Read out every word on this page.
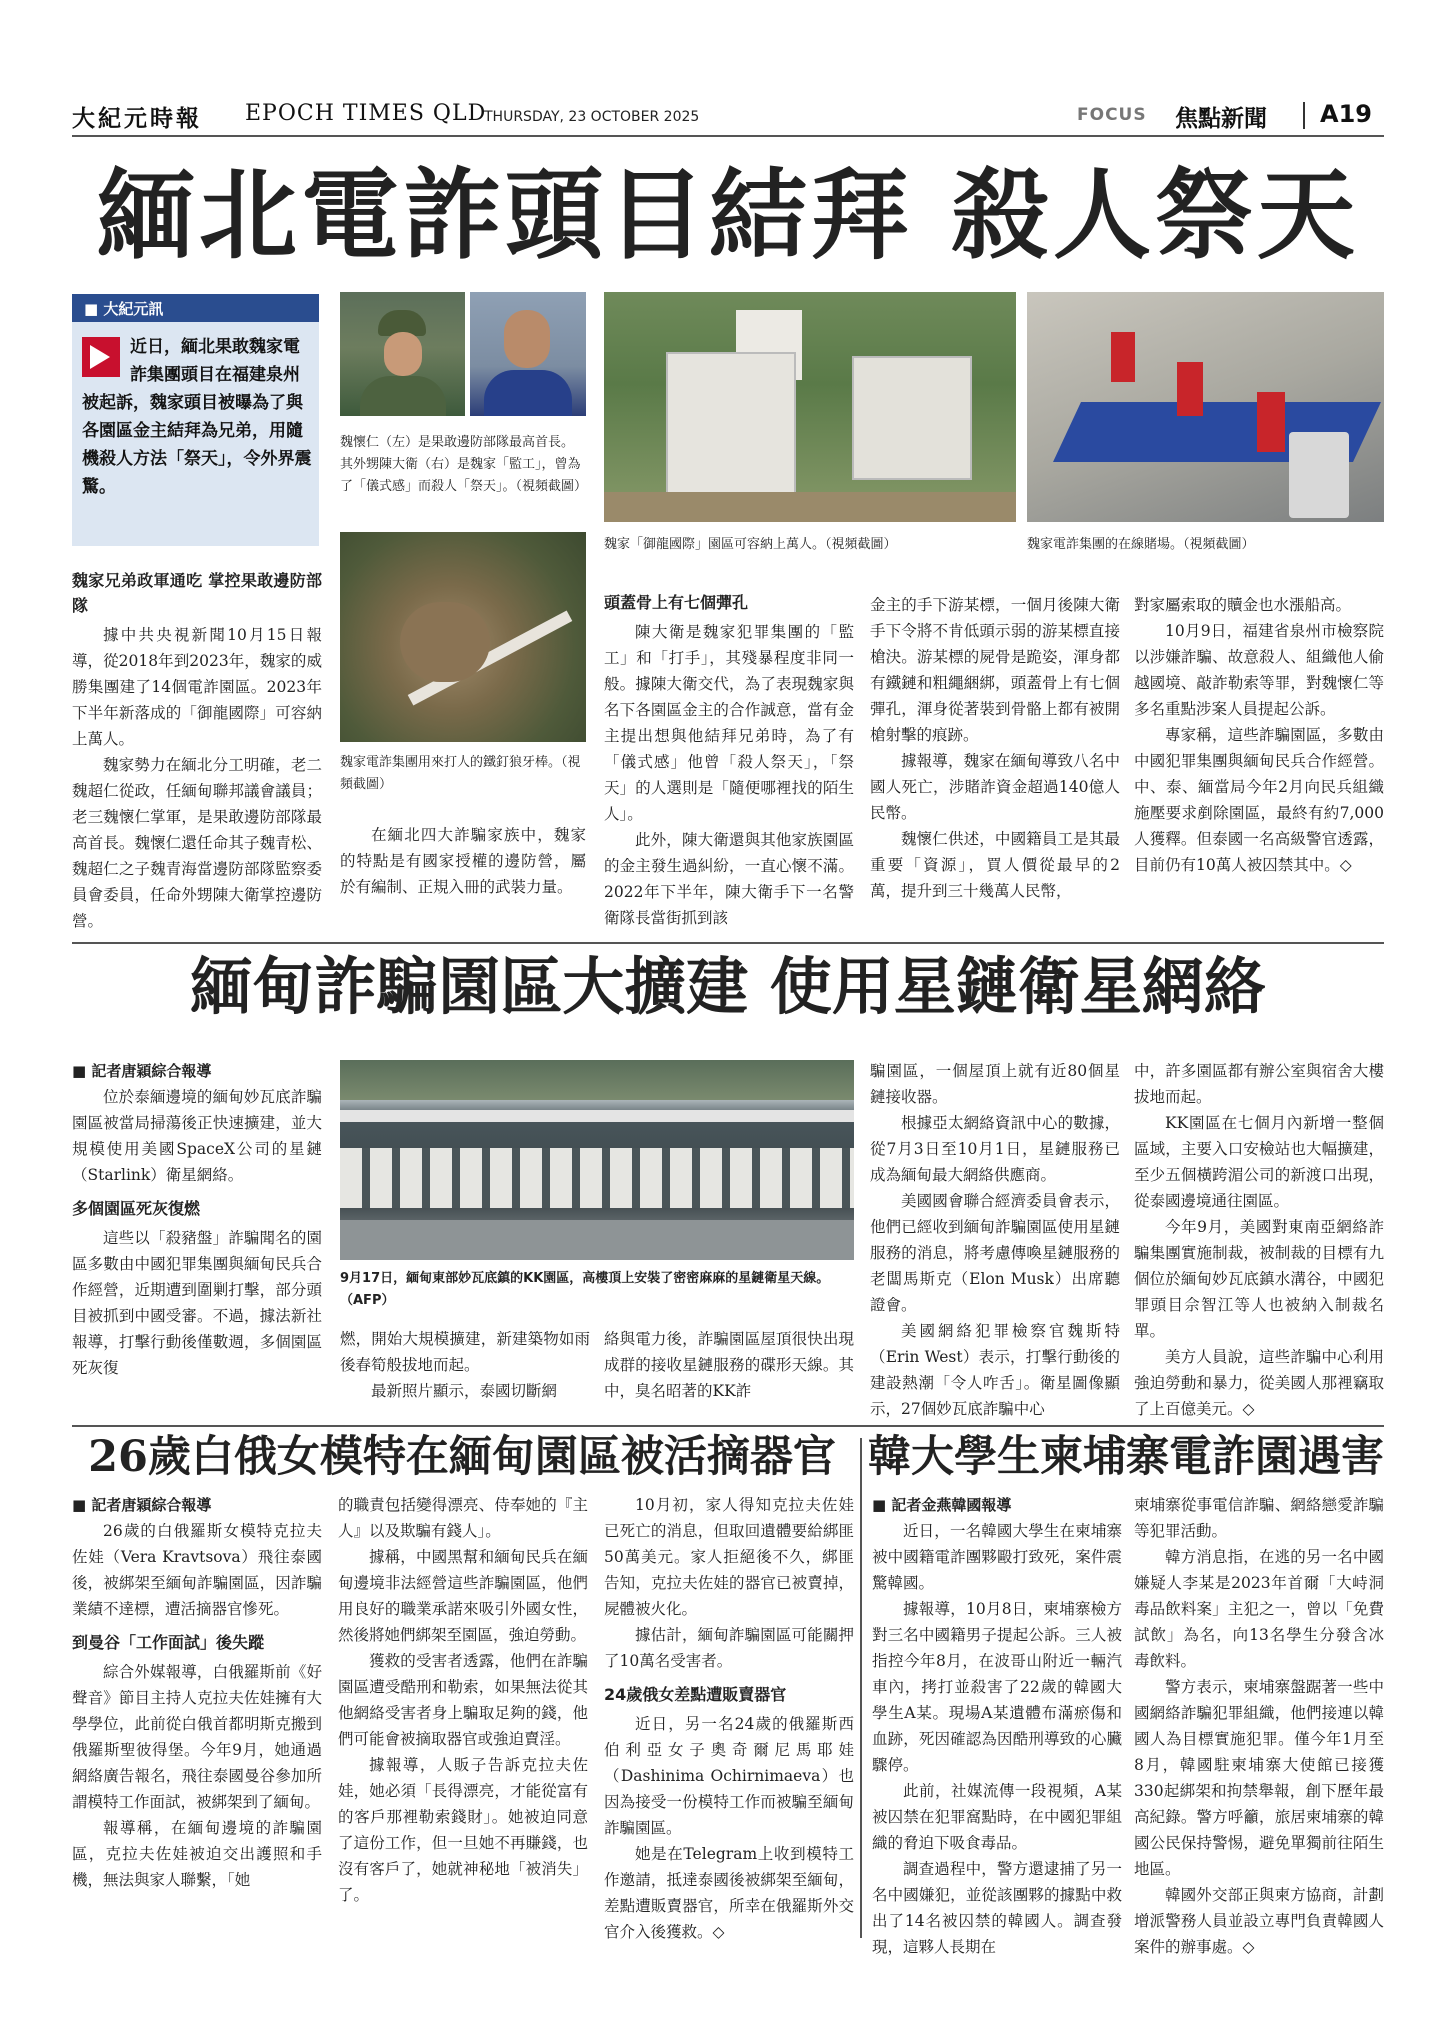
大紀元時報 EPOCH TIMES QLD
THURSDAY, 23 OCTOBER 2025	FOCUS 焦點新聞 A19
緬北電詐頭目結拜 殺人祭天
■ 大紀元訊
近日，緬北果敢魏家電詐集團頭目在福建泉州被起訴，魏家頭目被曝為了與各園區金主結拜為兄弟，用隨機殺人方法「祭天」，令外界震驚。
魏懷仁（左）是果敢邊防部隊最高首長。其外甥陳大衛（右）是魏家「監工」，曾為了「儀式感」而殺人「祭天」。（視頻截圖）
魏家電詐集團用來打人的鐵釘狼牙棒。（視頻截圖）
魏家「御龍國際」園區可容納上萬人。（視頻截圖）	魏家電詐集團的在線賭場。（視頻截圖）
魏家兄弟政軍通吃 掌控果敢邊防部隊

據中共央視新聞10月15日報導，從2018年到2023年，魏家的威勝集團建了14個電詐園區。2023年下半年新落成的「御龍國際」可容納上萬人。

魏家勢力在緬北分工明確，老二魏超仁從政，任緬甸聯邦議會議員；老三魏懷仁掌軍，是果敢邊防部隊最高首長。魏懷仁還任命其子魏青松、魏超仁之子魏青海當邊防部隊監察委員會委員，任命外甥陳大衛掌控邊防營。

在緬北四大詐騙家族中，魏家的特點是有國家授權的邊防營，屬於有編制、正規入冊的武裝力量。

頭蓋骨上有七個彈孔

陳大衛是魏家犯罪集團的「監工」和「打手」，其殘暴程度非同一般。據陳大衛交代，為了表現魏家與名下各園區金主的合作誠意，當有金主提出想與他結拜兄弟時，為了有「儀式感」他曾「殺人祭天」，「祭天」的人選則是「隨便哪裡找的陌生人」。

此外，陳大衛還與其他家族園區的金主發生過糾紛，一直心懷不滿。2022年下半年，陳大衛手下一名警衛隊長當街抓到該

金主的手下游某標，一個月後陳大衛手下令將不肯低頭示弱的游某標直接槍決。游某標的屍骨是跪姿，渾身都有鐵鏈和粗繩綑綁，頭蓋骨上有七個彈孔，渾身從著裝到骨骼上都有被開槍射擊的痕跡。

據報導，魏家在緬甸導致八名中國人死亡，涉賭詐資金超過140億人民幣。

魏懷仁供述，中國籍員工是其最重要「資源」，買人價從最早的2萬，提升到三十幾萬人民幣，

對家屬索取的贖金也水漲船高。

10月9日，福建省泉州市檢察院以涉嫌詐騙、故意殺人、組織他人偷越國境、敲詐勒索等罪，對魏懷仁等多名重點涉案人員提起公訴。

專家稱，這些詐騙園區，多數由中國犯罪集團與緬甸民兵合作經營。中、泰、緬當局今年2月向民兵組織施壓要求剷除園區，最終有約7,000人獲釋。但泰國一名高級警官透露，目前仍有10萬人被囚禁其中。◇

緬甸詐騙園區大擴建 使用星鏈衛星網絡
■ 記者唐穎綜合報導

位於泰緬邊境的緬甸妙瓦底詐騙園區被當局掃蕩後正快速擴建，並大規模使用美國SpaceX公司的星鏈（Starlink）衛星網絡。

多個園區死灰復燃

這些以「殺豬盤」詐騙聞名的園區多數由中國犯罪集團與緬甸民兵合作經營，近期遭到圍剿打擊，部分頭目被抓到中國受審。不過，據法新社報導，打擊行動後僅數週，多個園區死灰復

9月17日，緬甸東部妙瓦底鎮的KK園區，高樓頂上安裝了密密麻麻的星鏈衛星天線。（AFP）

燃，開始大規模擴建，新建築物如雨後春筍般拔地而起。

最新照片顯示，泰國切斷網

絡與電力後，詐騙園區屋頂很快出現成群的接收星鏈服務的碟形天線。其中，臭名昭著的KK詐

騙園區，一個屋頂上就有近80個星鏈接收器。

根據亞太網絡資訊中心的數據，從7月3日至10月1日，星鏈服務已成為緬甸最大網絡供應商。

美國國會聯合經濟委員會表示，他們已經收到緬甸詐騙園區使用星鏈服務的消息，將考慮傳喚星鏈服務的老闆馬斯克（Elon Musk）出席聽證會。

美國網絡犯罪檢察官魏斯特（Erin West）表示，打擊行動後的建設熱潮「令人咋舌」。衛星圖像顯示，27個妙瓦底詐騙中心

中，許多園區都有辦公室與宿舍大樓拔地而起。

KK園區在七個月內新增一整個區域，主要入口安檢站也大幅擴建，至少五個橫跨湄公司的新渡口出現，從泰國邊境通往園區。

今年9月，美國對東南亞網絡詐騙集團實施制裁，被制裁的目標有九個位於緬甸妙瓦底鎮水溝谷，中國犯罪頭目佘智江等人也被納入制裁名單。

美方人員說，這些詐騙中心利用強迫勞動和暴力，從美國人那裡竊取了上百億美元。◇

26歲白俄女模特在緬甸園區被活摘器官
■ 記者唐穎綜合報導

26歲的白俄羅斯女模特克拉夫佐娃（Vera Kravtsova）飛往泰國後，被綁架至緬甸詐騙園區，因詐騙業績不達標，遭活摘器官慘死。

到曼谷「工作面試」後失蹤

綜合外媒報導，白俄羅斯前《好聲音》節目主持人克拉夫佐娃擁有大學學位，此前從白俄首都明斯克搬到俄羅斯聖彼得堡。今年9月，她通過網絡廣告報名，飛往泰國曼谷參加所謂模特工作面試，被綁架到了緬甸。

報導稱，在緬甸邊境的詐騙園區，克拉夫佐娃被迫交出護照和手機，無法與家人聯繫，「她

的職責包括變得漂亮、侍奉她的『主人』以及欺騙有錢人」。

據稱，中國黑幫和緬甸民兵在緬甸邊境非法經營這些詐騙園區，他們用良好的職業承諾來吸引外國女性，然後將她們綁架至園區，強迫勞動。

獲救的受害者透露，他們在詐騙園區遭受酷刑和勒索，如果無法從其他網絡受害者身上騙取足夠的錢，他們可能會被摘取器官或強迫賣淫。

據報導，人販子告訴克拉夫佐娃，她必須「長得漂亮，才能從富有的客戶那裡勒索錢財」。她被迫同意了這份工作，但一旦她不再賺錢，也沒有客戶了，她就神秘地「被消失」了。

10月初，家人得知克拉夫佐娃已死亡的消息，但取回遺體要給綁匪50萬美元。家人拒絕後不久，綁匪告知，克拉夫佐娃的器官已被賣掉，屍體被火化。

據估計，緬甸詐騙園區可能關押了10萬名受害者。

24歲俄女差點遭販賣器官

近日，另一名24歲的俄羅斯西伯利亞女子奧奇爾尼馬耶娃（Dashinima Ochirnimaeva）也因為接受一份模特工作而被騙至緬甸詐騙園區。

她是在Telegram上收到模特工作邀請，抵達泰國後被綁架至緬甸，差點遭販賣器官，所幸在俄羅斯外交官介入後獲救。◇

韓大學生柬埔寨電詐園遇害
■ 記者金燕韓國報導

近日，一名韓國大學生在柬埔寨被中國籍電詐團夥毆打致死，案件震驚韓國。

據報導，10月8日，柬埔寨檢方對三名中國籍男子提起公訴。三人被指控今年8月，在波哥山附近一輛汽車內，拷打並殺害了22歲的韓國大學生A某。現場A某遺體布滿瘀傷和血跡，死因確認為因酷刑導致的心臟驟停。

此前，社媒流傳一段視頻，A某被囚禁在犯罪窩點時，在中國犯罪組織的脅迫下吸食毒品。

調查過程中，警方還逮捕了另一名中國嫌犯，並從該團夥的據點中救出了14名被囚禁的韓國人。調查發現，這夥人長期在

柬埔寨從事電信詐騙、網絡戀愛詐騙等犯罪活動。

韓方消息指，在逃的另一名中國嫌疑人李某是2023年首爾「大峙洞毒品飲料案」主犯之一，曾以「免費試飲」為名，向13名學生分發含冰毒飲料。

警方表示，柬埔寨盤踞著一些中國網絡詐騙犯罪組織，他們接連以韓國人為目標實施犯罪。僅今年1月至8月，韓國駐柬埔寨大使館已接獲330起綁架和拘禁舉報，創下歷年最高紀錄。警方呼籲，旅居柬埔寨的韓國公民保持警惕，避免單獨前往陌生地區。

韓國外交部正與柬方協商，計劃增派警務人員並設立專門負責韓國人案件的辦事處。◇
